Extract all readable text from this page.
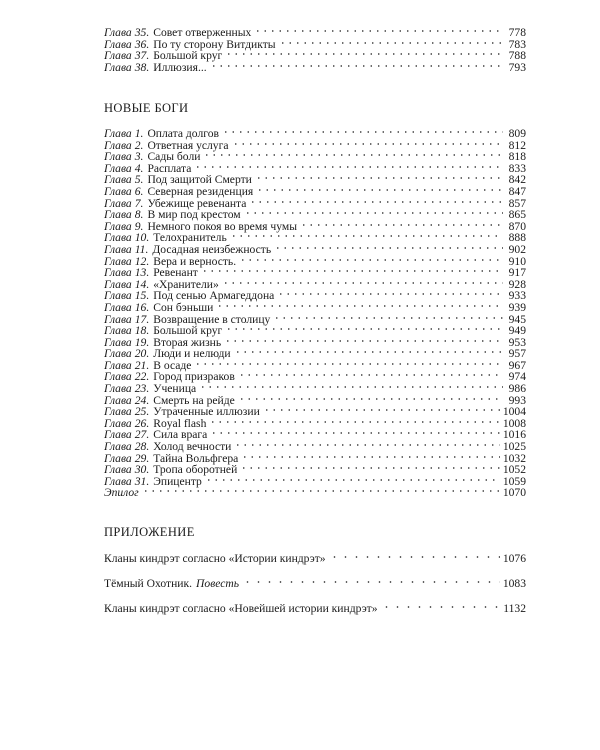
Глава 35. Совет отверженных	778
Глава 36. По ту сторону Витдикты	783
Глава 37. Большой круг	788
Глава 38. Иллюзия...	793
НОВЫЕ БОГИ
Глава 1. Оплата долгов	809
Глава 2. Ответная услуга	812
Глава 3. Сады боли	818
Глава 4. Расплата	833
Глава 5. Под защитой Смерти	842
Глава 6. Северная резиденция	847
Глава 7. Убежище ревенанта	857
Глава 8. В мир под крестом	865
Глава 9. Немного покоя во время чумы	870
Глава 10. Телохранитель	888
Глава 11. Досадная неизбежность	902
Глава 12. Вера и верность.	910
Глава 13. Ревенант	917
Глава 14. «Хранители»	928
Глава 15. Под сенью Армагеддона	933
Глава 16. Сон бэньши	939
Глава 17. Возвращение в столицу	945
Глава 18. Большой круг	949
Глава 19. Вторая жизнь	953
Глава 20. Люди и нелюди	957
Глава 21. В осаде	967
Глава 22. Город призраков	974
Глава 23. Ученица	986
Глава 24. Смерть на рейде	993
Глава 25. Утраченные иллюзии	1004
Глава 26. Royal flash	1008
Глава 27. Сила врага	1016
Глава 28. Холод вечности	1025
Глава 29. Тайна Вольфгера	1032
Глава 30. Тропа оборотней	1052
Глава 31. Эпицентр	1059
Эпилог	1070
ПРИЛОЖЕНИЕ
Кланы киндрэт согласно «Истории киндрэт»	1076
Тёмный Охотник. Повесть	1083
Кланы киндрэт согласно «Новейшей истории киндрэт»	1132
